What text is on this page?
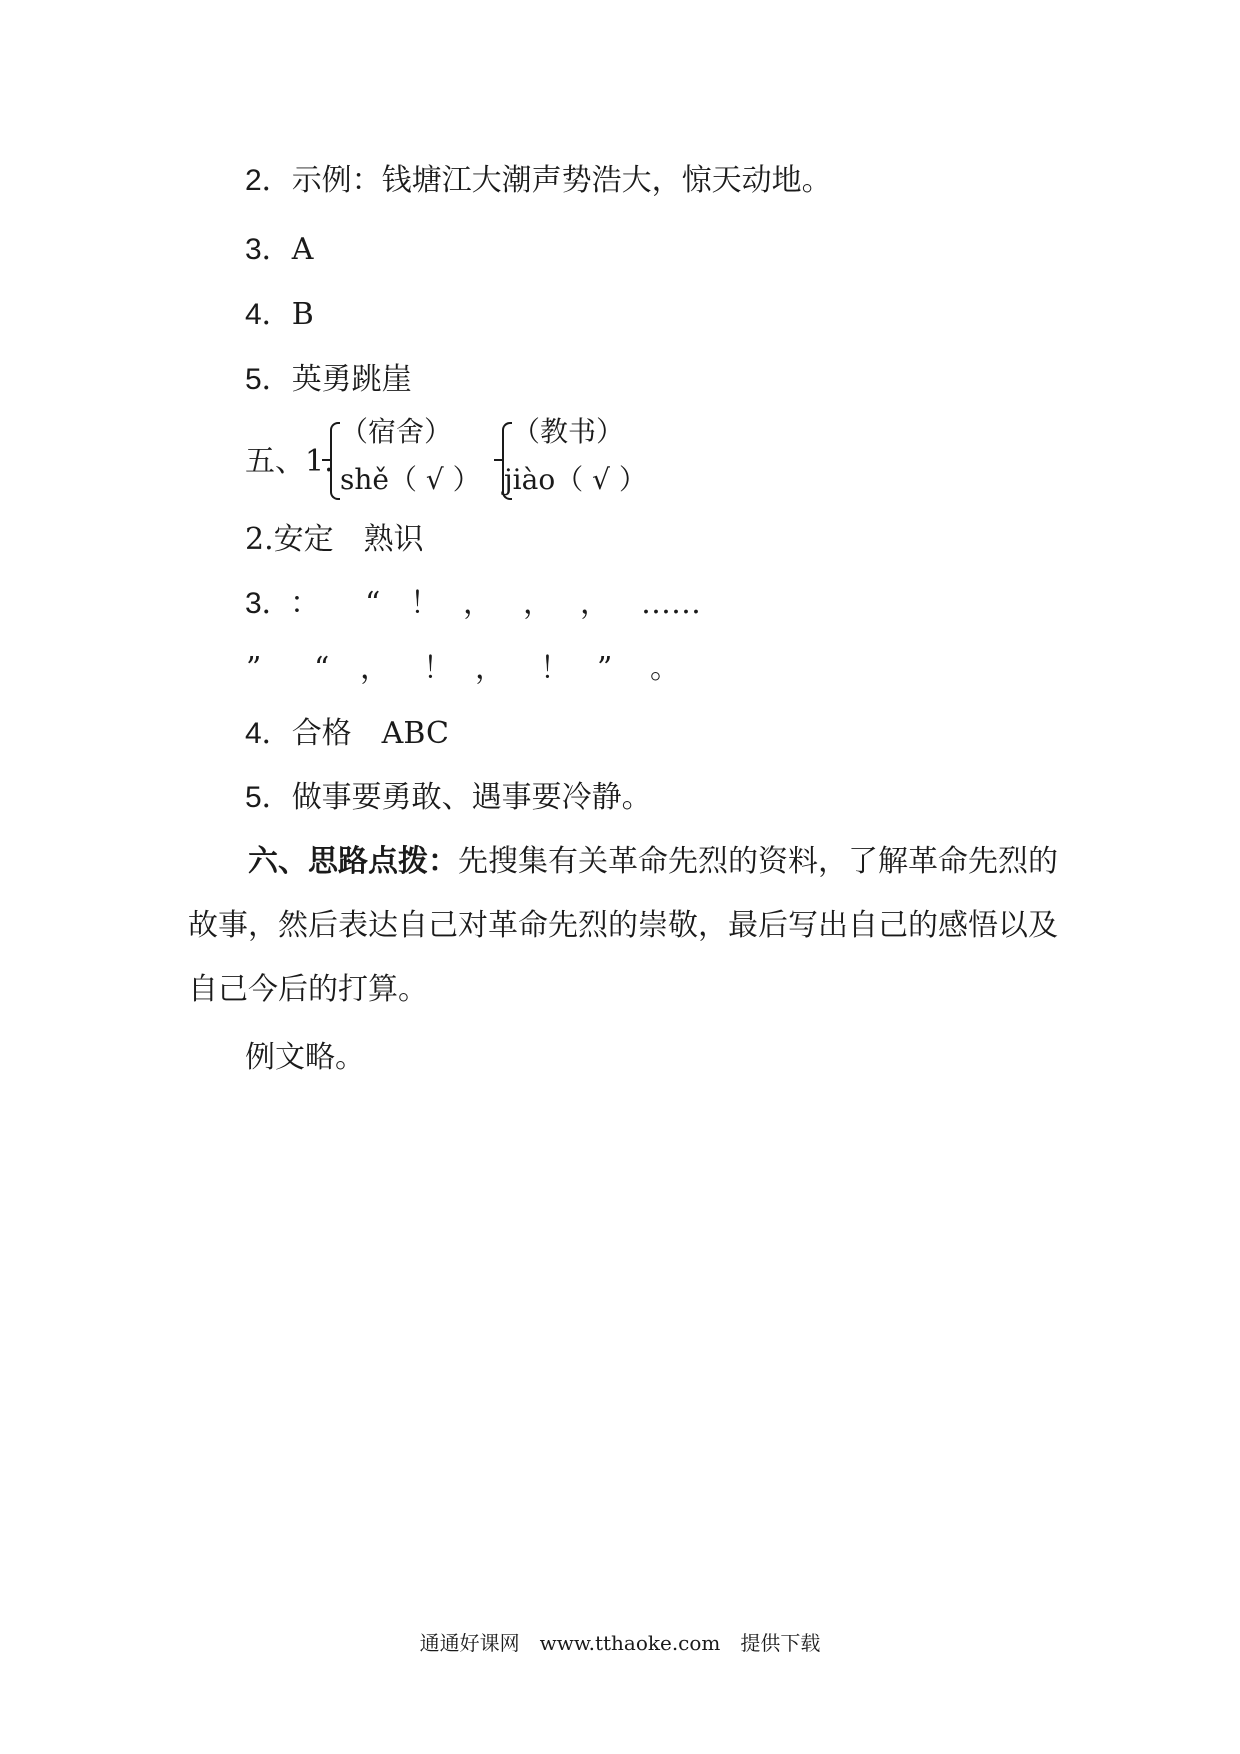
2．示例：钱塘江大潮声势浩大，惊天动地。
3．A
4．B
5．英勇跳崖
五、1.
（宿舍）
shě（ √ ）
（教书）
jiào（ √ ）
2.安定　熟识
3．
： “ ！ ， ， ， ……
” “ ， ！ ， ！ ” 。
4．合格　ABC
5．做事要勇敢、遇事要冷静。
六、思路点拨：先搜集有关革命先烈的资料，了解革命先烈的故事，然后表达自己对革命先烈的崇敬，最后写出自己的感悟以及自己今后的打算。
例文略。
通通好课网　www.tthaoke.com　提供下载
